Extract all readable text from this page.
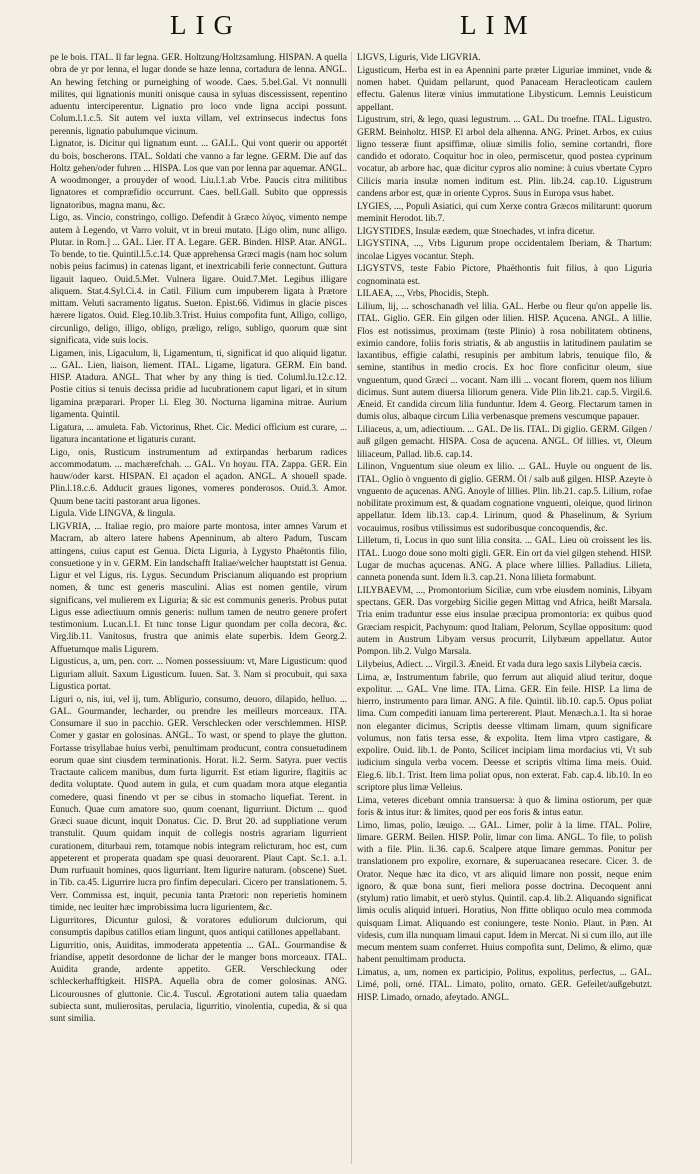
LIG	LIM

pe le bois. ITAL. Il far legna. GER. Holtzung/Holtzsamlung. HISPAN. A quella obra de yr por lenna, el lugar donde se haze lenna, cortadura de lenna. ANGL. An hewing fetching or purneighing of woode. Caes. 5.bel.Gal. Vt nonnulli milites, qui lignationis muniti onisque causa in syluas discessissent, repentino aduentu interciperentur. Lignatio pro loco vnde ligna accipi possunt. Colum.l.1.c.5. Sit autem vel iuxta villam, vel extrinsecus indectus fons perennis, lignatio pabulumque vicinum.

Lignator, is. Dicitur qui lignatum eunt. ... GALL. Qui vont querir ou apportét du bois, boscherons. ITAL. Soldati che vanno a far legne. GERM. Die auf das Holtz gehen/oder fuhren ... HISPA. Los que van por lenna par aquemar. ANGL. A woodmonger, a prouyder of wood. Liu.l.1.ab Vrbe. Paucis citra militibus lignatores et compræfidio occurrunt. Caes. bell.Gall. Subito que oppressis lignatoribus, magna manu, &c.

Ligo, as. Vincio, constringo, colligo. Defendit à Græco λύγος, vimento nempe autem à Legendo, vt Varro voluit, vt in breui mutato. [Ligo olim, nunc alligo. Plutar. in Rom.] ... GAL. Lier. IT A. Legare. GER. Binden. HISP. Atar. ANGL. To bende, to tie. Quintil.l.5.c.14. Quæ apprehensa Græci magis (nam hoc solum nobis peius facimus) in catenas ligant, et inextricabili ferie connectunt. Guttura ligauit laqueo. Ouid.5.Met. Vulnera ligare. Ouid.7.Met. Legibus illigare aliquem. Stat.4.Syl.Ci.4. in Catil. Filium cum impuberem ligata à Prætore mittam. Veluti sacramento ligatus. Sueton. Epist.66. Vidimus in glacie pisces hærere ligatos. Ouid. Eleg.10.lib.3.Trist. Huius compofita funt, Alligo, colligo, circunligo, deligo, illigo, obligo, præligo, religo, subligo, quorum quæ sint significata, vide suis locis.

Ligamen, inis, Ligaculum, li, Ligamentum, ti, significat id quo aliquid ligatur. ... GAL. Lien, liaison, liement. ITAL. Ligame, ligatura. GERM. Ein band. HISP. Atadura. ANGL. That wher by any thing is tied. Columl.lu.12.c.12. Postie citius si tenuis decissa pridie ad lucubrationem caput ligari, et in situm ligamina præparari. Proper l.i. Eleg 30. Nocturna ligamina mitrae. Aurium ligamenta. Quintil.

Ligatura, ... amuleta. Fab. Victorinus, Rhet. Cic. Medici officium est curare, ... ligatura incantatione et ligaturis curant.

Ligo, onis, Rusticum instrumentum ad extirpandas herbarum radices accommodatum. ... machærefchah. ... GAL. Vn hoyau. ITA. Zappa. GER. Ein hauw/oder karst. HISPAN. El açadon el açadon. ANGL. A shouell spade. Plin.l.18.c.6. Adducit graues ligones, vomeres ponderosos. Ouid.3. Amor. Quum bene taciti pastorant arua ligones.

Ligula. Vide LINGVA, & lingula.

LIGVRIA, ... Italiae regio, pro maiore parte montosa, inter amnes Varum et Macram, ab altero latere habens Apenninum, ab altero Padum, Tuscam attingens, cuius caput est Genua. Dicta Liguria, à Lygysto Phaëtontis filio, consuetione y in v. GERM. Ein landschafft Italiae/welcher hauptstatt ist Genua. Ligur et vel Ligus, ris. Lygus. Secundum Priscianum aliquando est proprium nomen, & tunc est generis masculini. Alias est nomen gentile, virum significans, vel mulierem ex Liguria; & sic est communis generis. Probus putat Ligus esse adiectiuum omnis generis: nullum tamen de neutro genere profert testimonium. Lucan.l.1. Et tunc tonse Ligur quondam per colla decora, &c. Virg.lib.11. Vanitosus, frustra que animis elate superbis. Idem Georg.2. Affuetumque malis Ligurem.

Ligusticus, a, um, pen. corr. ... Nomen possessiuum: vt, Mare Ligusticum: quod Liguriam alluit. Saxum Ligusticum. Iuuen. Sat. 3. Nam si procubuit, qui saxa Ligustica portat.

Liguri o, nis, iui, vel ij, tum. Abligurio, consumo, deuoro, dilapido, helluo. ... GAL. Gourmander, lecharder, ou prendre les meilleurs morceaux. ITA. Consumare il suo in pacchio. GER. Verschlecken oder verschlemmen. HISP. Comer y gastar en golosinas. ANGL. To wast, or spend to playe the glutton. Fortasse trisyllabae huius verbi, penultimam producunt, contra consuetudinem eorum quae sint ciusdem terminationis. Horat. li.2. Serm. Satyra. puer vectis Tractaute calicem manibus, dum furta ligurrit. Est etiam ligurire, flagitiis ac dedita voluptate. Quod autem in gula, et cum quadam mora atque elegantia comedere, quasi finendo vt per se cibus in stomacho liquefiat. Terent. in Eunuch. Quae cum amatore suo, quum coenant, ligurriunt. Dictum ... quod Græci suaue dicunt, inquit Donatus. Cic. D. Brut 20. ad suppliatione verum transtulit. Quum quidam inquit de collegis nostris agrariam ligurrient curationem, diturbaui rem, totamque nobis integram relicturam, hoc est, cum appeterent et properata quadam spe quasi deuorarent. Plaut Capt. Sc.1. a.1. Dum rurfuauit homines, quos ligurriant. Item ligurire naturam. (obscene) Suet. in Tib. ca.45. Ligurrire lucra pro finfim depeculari. Cicero per translationem. 5. Verr. Commissa est, inquit, pecunia tanta Prætori: non reperietis hominem timide, nec leuiter hæc improbissima lucra ligurientem, &c.

Ligurritores, Dicuntur gulosi, & voratores eduliorum dulciorum, qui consumptis dapibus catillos etiam lingunt, quos antiqui catillones appellabant.

Ligurritio, onis, Auiditas, immoderata appetentia ... GAL. Gourmandise & friandise, appetit desordonne de lichar der le manger bons morceaux. ITAL. Auidita grande, ardente appetito. GER. Verschleckung oder schleckerhafftigkeit. HISPA. Aquella obra de comer golosinas. ANG. Licourousnes of gluttonie. Cic.4. Tuscul. Ægrotationi autem talia quaedam subiecta sunt, mulierositas, perulacia, ligurritio, vinolentia, cupedia, & si qua sunt similia.

LIGVS, Liguris, Vide LIGVRIA.

Ligusticum, Herba est in ea Apennini parte præter Liguriae imminet, vnde & nomen habet. Quidam pellarunt, quod Panaceam Heracleoticam caulem effectu. Galenus literæ vinius immutatione Libysticum. Lemnis Leuisticum appellant.

Ligustrum, stri, & lego, quasi legustrum. ... GAL. Du troefne. ITAL. Ligustro. GERM. Beinholtz. HISP. El arbol dela alhenna. ANG. Prinet. Arbos, ex cuius ligno tesseræ fiunt apsiffimæ, oliuæ similis folio, semine cortandri, flore candido et odorato. Coquitur hoc in oleo, permiscetur, quod postea cyprinum vocatur, ab arbore hac, quæ dicitur cypros alio nomine: à cuius vbertate Cypro Cilicis maria insulæ nomen inditum est. Plin. lib.24. cap.10. Ligustrum candens arbor est, quæ in oriente Cypros. Suus in Europa vsus habet.

LYGIES, ..., Populi Asiatici, qui cum Xerxe contra Græcos militarunt: quorum meminit Herodot. lib.7.

LIGYSTIDES, Insulæ eædem, quæ Stoechades, vt infra dicetur.

LIGYSTINA, ..., Vrbs Ligurum prope occidentalem Iberiam, & Thartum: incolae Ligyes vocantur. Steph.

LIGYSTVS, teste Fabio Pictore, Phaëthontis fuit filius, à quo Liguria cognominata est.

LILAEA, ..., Vrbs, Phocidis, Steph.

Lilium, lij, ... schoschanadh vel lilia. GAL. Herbe ou fleur qu'on appelle lis. ITAL. Giglio. GER. Ein gilgen oder lilien. HISP. Açucena. ANGL. A lillie. Flos est notissimus, proximam (teste Plinio) à rosa nobilitatem obtinens, eximio candore, foliis foris striatis, & ab angustiis in latitudinem paulatim se laxantibus, effigie calathi, resupinis per ambitum labris, tenuique filo, & semine, stantibus in medio crocis. Ex hoc flore conficitur oleum, siue vnguentum, quod Græci ... vocant. Nam illi ... vocant florem, quem nos lilium dicimus. Sunt autem diuersa liliorum genera. Vide Plin lib.21. cap.5. Virgil.6. Æneid. Et candida circum lilia funduntur. Idem 4. Georg. Flectarum tamen in dumis olus, albaque circum Lilia verbenasque premens vescumque papauer.

Liliaceus, a, um, adiectiuum. ... GAL. De lis. ITAL. Di giglio. GERM. Gilgen / auß gilgen gemacht. HISPA. Cosa de açucena. ANGL. Of lillies. vt, Oleum liliaceum, Pallad. lib.6. cap.14.

Lilinon, Vnguentum siue oleum ex lilio. ... GAL. Huyle ou onguent de lis. ITAL. Oglio ò vnguento di giglio. GERM. Öl / salb auß gilgen. HISP. Azeyte ò vnguento de açucenas. ANG. Anoyle of lillies. Plin. lib.21. cap.5. Lilium, rofae nobilitate proximum est, & quadam cognatione vnguenti, oleique, quod lirinon appellatur. Idem lib.13. cap.4. Lirinum, quod & Phaselinum, & Syrium vocauimus, rosibus vtilissimus est sudoribusque concoquendis, &c.

Lilletum, ti, Locus in quo sunt lilia consita. ... GAL. Lieu où croissent les lis. ITAL. Luogo doue sono molti gigli. GER. Ein ort da viel gilgen stehend. HISP. Lugar de muchas açucenas. ANG. A place where lillies. Palladius. Lilieta, canneta ponenda sunt. Idem li.3. cap.21. Nona lilieta formabunt.

LILYBAEVM, ..., Promontorium Siciliæ, cum vrbe eiusdem nominis, Libyam spectans. GER. Das vorgebirg Sicilie gegen Mittag vnd Africa, heißt Marsala. Tria enim traduntur esse eius insulae præcipua promontoria: ex quibus quod Græciam respicit, Pachynum: quod Italiam, Pelorum, Scyllae oppositum: quod autem in Austrum Libyam versus procurrit, Lilybæum appellatur. Autor Pompon. lib.2. Vulgo Marsala.

Lilybeius, Adiect. ... Virgil.3. Æneid. Et vada dura lego saxis Lilybeia cæcis.

Lima, æ, Instrumentum fabrile, quo ferrum aut aliquid aliud teritur, doque expolitur. ... GAL. Vne lime. ITA. Lima. GER. Ein feile. HISP. La lima de hierro, instrumento para limar. ANG. A file. Quintil. lib.10. cap.5. Opus poliat lima. Cum compediti ianuam lima pertererent. Plaut. Menæch.a.1. Ita si horae non eleganter dicimus, Scriptis deesse vltimam limam, quum significare volumus, non fatis tersa esse, & expolita. Item lima vtpro castigare, & expolire. Ouid. lib.1. de Ponto, Scilicet incipiam lima mordacius vti, Vt sub iudicium singula verba vocem. Deesse et scriptis vltima lima meis. Ouid. Eleg.6. lib.1. Trist. Item lima poliat opus, non exterat. Fab. cap.4. lib.10. In eo scriptore plus limæ Velleius.

Lima, veteres dicebant omnia transuersa: à quo & limina ostiorum, per quæ foris & intus itur: & limites, quod per eos foris & intus eatur.

Limo, limas, polio, læuigo. ... GAL. Limer, polir à la lime. ITAL. Polire, limare. GERM. Beilen. HISP. Polir, limar con lima. ANGL. To file, to polish with a file. Plin. li.36. cap.6. Scalpere atque limare gemmas. Ponitur per translationem pro expolire, exornare, & superuacanea resecare. Cicer. 3. de Orator. Neque hæc ita dico, vt ars aliquid limare non possit, neque enim ignoro, & quæ bona sunt, fieri meliora posse doctrina. Decoquent anni (stylum) ratio limabit, et uerò stylus. Quintil. cap.4. lib.2. Aliquando significat limis oculis aliquid intueri. Horatius, Non ffitte obliquo oculo mea commoda quisquam Limat. Aliquando est coniungere, teste Nonio. Plaut. in Pæn. At videsis, cum illa nunquam limaui caput. Idem in Mercat. Ni si cum illo, aut ille mecum mentem suam conferret. Huius compofita sunt, Delimo, & elimo, quæ habent penultimam producta.

Limatus, a, um, nomen ex participio, Politus, expolitus, perfectus, ... GAL. Limé, poli, orné. ITAL. Limato, polito, ornato. GER. Gefeilet/außgebutzt. HISP. Limado, ornado, afeytado. ANGL.
